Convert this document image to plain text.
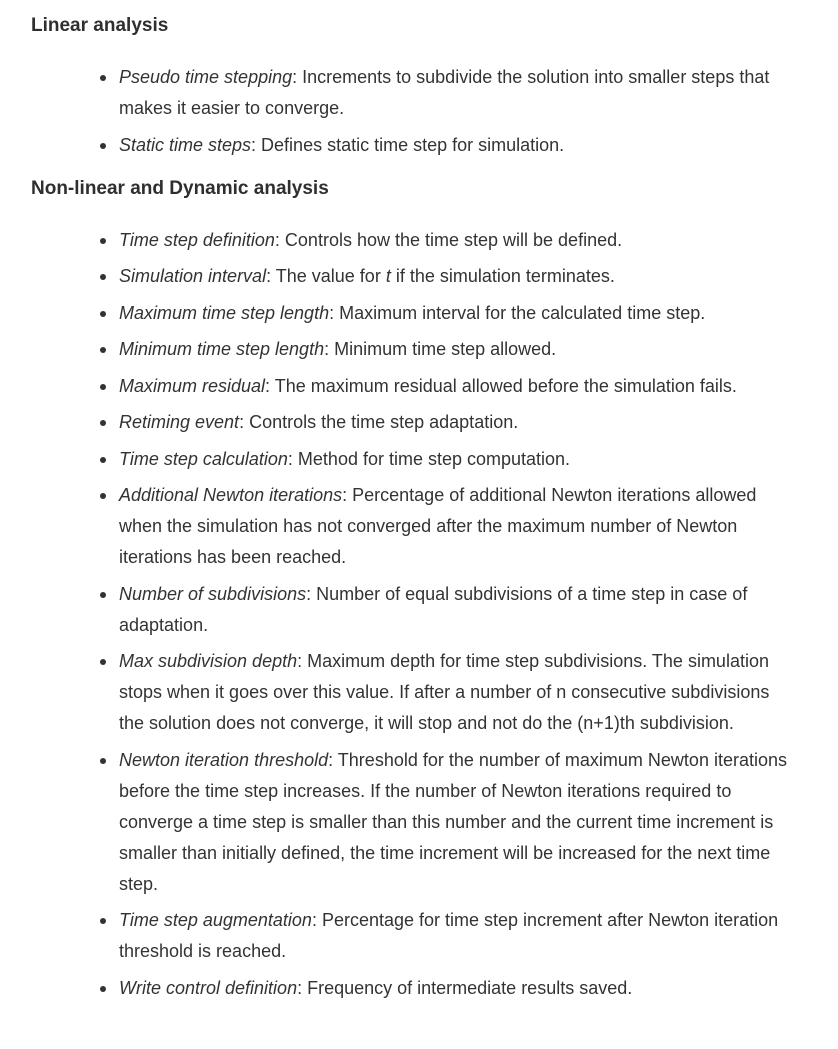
Linear analysis
Pseudo time stepping: Increments to subdivide the solution into smaller steps that makes it easier to converge.
Static time steps: Defines static time step for simulation.
Non-linear and Dynamic analysis
Time step definition: Controls how the time step will be defined.
Simulation interval: The value for t if the simulation terminates.
Maximum time step length: Maximum interval for the calculated time step.
Minimum time step length: Minimum time step allowed.
Maximum residual: The maximum residual allowed before the simulation fails.
Retiming event: Controls the time step adaptation.
Time step calculation: Method for time step computation.
Additional Newton iterations: Percentage of additional Newton iterations allowed when the simulation has not converged after the maximum number of Newton iterations has been reached.
Number of subdivisions: Number of equal subdivisions of a time step in case of adaptation.
Max subdivision depth: Maximum depth for time step subdivisions. The simulation stops when it goes over this value. If after a number of n consecutive subdivisions the solution does not converge, it will stop and not do the (n+1)th subdivision.
Newton iteration threshold: Threshold for the number of maximum Newton iterations before the time step increases. If the number of Newton iterations required to converge a time step is smaller than this number and the current time increment is smaller than initially defined, the time increment will be increased for the next time step.
Time step augmentation: Percentage for time step increment after Newton iteration threshold is reached.
Write control definition: Frequency of intermediate results saved.
